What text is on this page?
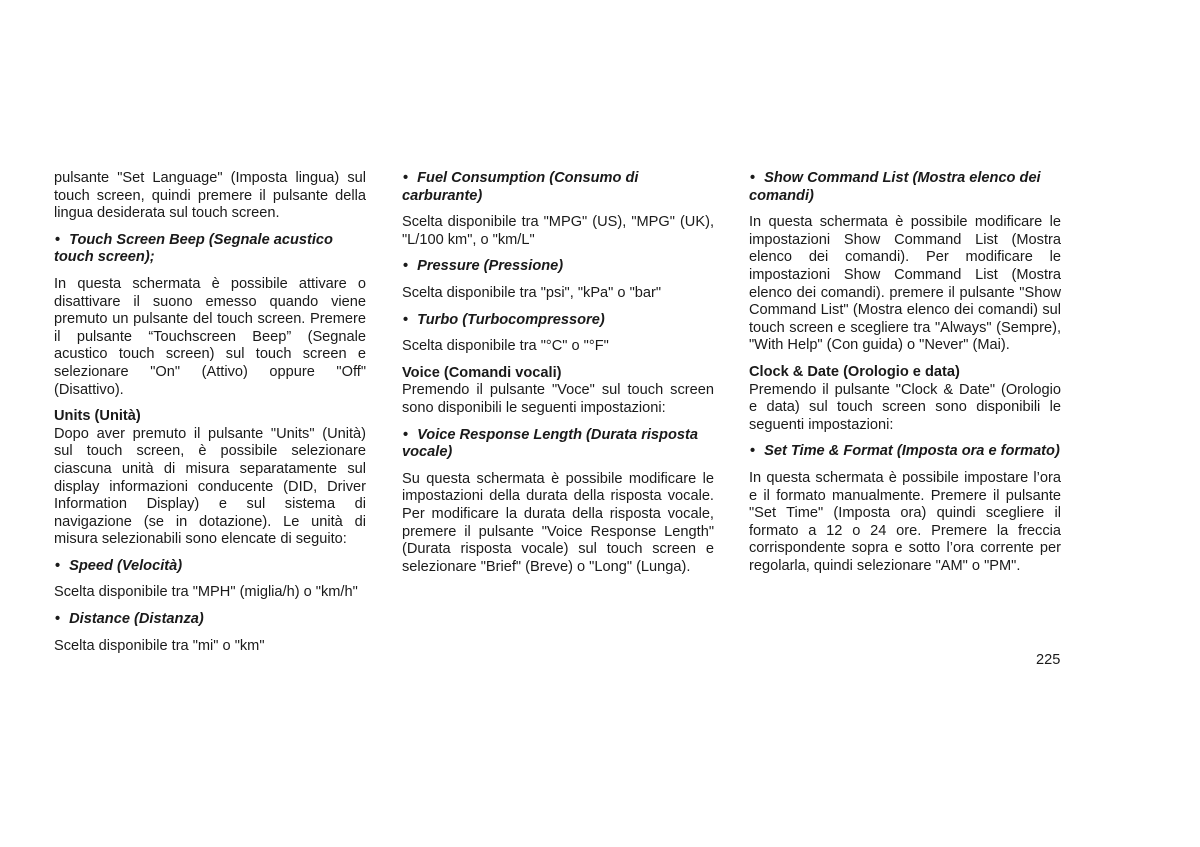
pulsante "Set Language" (Imposta lingua) sul touch screen, quindi premere il pulsante della lingua desiderata sul touch screen.

• Touch Screen Beep (Segnale acustico touch screen);

In questa schermata è possibile attivare o disattivare il suono emesso quando viene premuto un pulsante del touch screen. Premere il pulsante “Touchscreen Beep” (Segnale acustico touch screen) sul touch screen e selezionare "On" (Attivo) oppure "Off" (Disattivo).

Units (Unità)

Dopo aver premuto il pulsante "Units" (Unità) sul touch screen, è possibile selezionare ciascuna unità di misura separatamente sul display informazioni conducente (DID, Driver Information Display) e sul sistema di navigazione (se in dotazione). Le unità di misura selezionabili sono elencate di seguito:

• Speed (Velocità)

Scelta disponibile tra "MPH" (miglia/h) o "km/h"

• Distance (Distanza)

Scelta disponibile tra "mi" o "km"

• Fuel Consumption (Consumo di carburante)

Scelta disponibile tra "MPG" (US), "MPG" (UK), "L/100 km", o "km/L"

• Pressure (Pressione)

Scelta disponibile tra "psi", "kPa" o "bar"

• Turbo (Turbocompressore)

Scelta disponibile tra "°C" o "°F"

Voice (Comandi vocali)

Premendo il pulsante "Voce" sul touch screen sono disponibili le seguenti impostazioni:

• Voice Response Length (Durata risposta vocale)

Su questa schermata è possibile modificare le impostazioni della durata della risposta vocale. Per modificare la durata della risposta vocale, premere il pulsante "Voice Response Length" (Durata risposta vocale) sul touch screen e selezionare "Brief" (Breve) o "Long" (Lunga).

• Show Command List (Mostra elenco dei comandi)

In questa schermata è possibile modificare le impostazioni Show Command List (Mostra elenco dei comandi). Per modificare le impostazioni Show Command List (Mostra elenco dei comandi). premere il pulsante "Show Command List" (Mostra elenco dei comandi) sul touch screen e scegliere tra "Always" (Sempre), "With Help" (Con guida) o "Never" (Mai).

Clock & Date (Orologio e data)

Premendo il pulsante "Clock & Date" (Orologio e data) sul touch screen sono disponibili le seguenti impostazioni:

• Set Time & Format (Imposta ora e formato)

In questa schermata è possibile impostare l’ora e il formato manualmente. Premere il pulsante "Set Time" (Imposta ora) quindi scegliere il formato a 12 o 24 ore. Premere la freccia corrispondente sopra e sotto l’ora corrente per regolarla, quindi selezionare "AM" o "PM".

225
